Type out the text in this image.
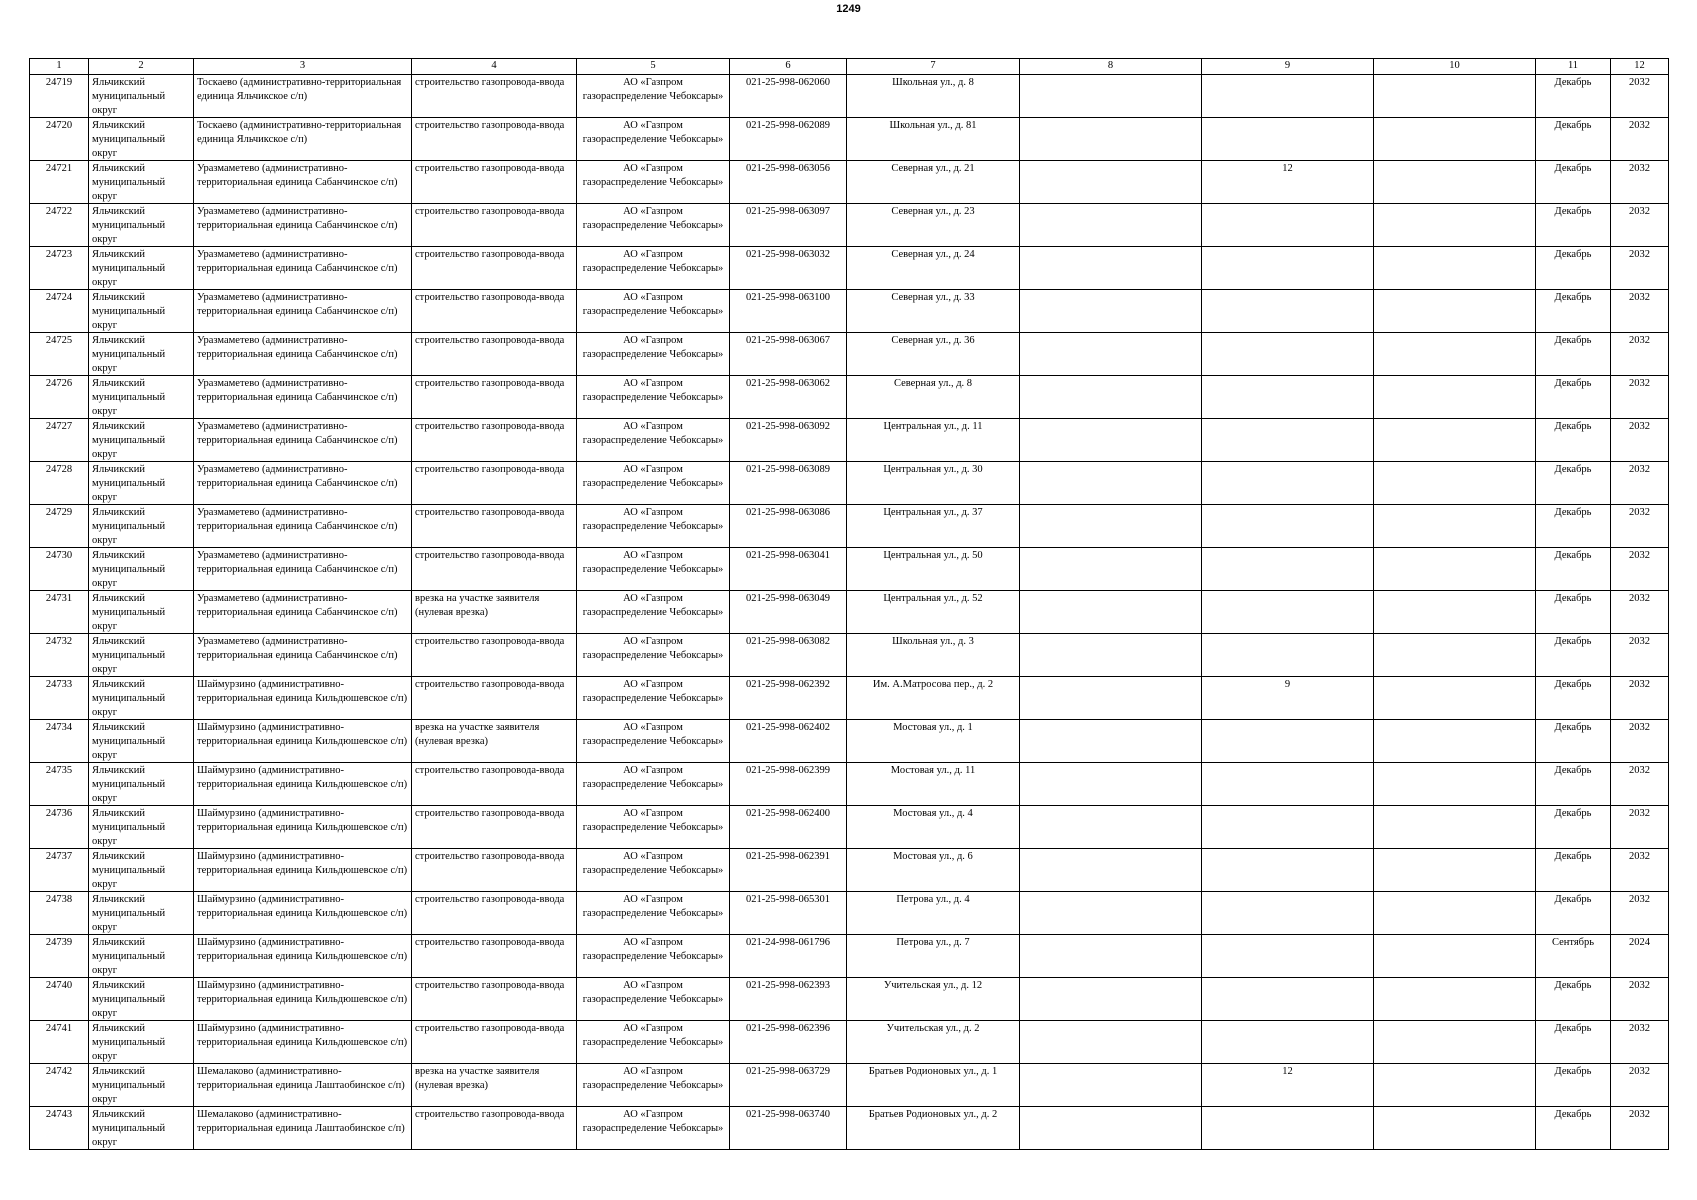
1249
1	2	3	4	5	6	7	8	9	10	11	12

24719	Яльчикский муниципальный округ	Тоскаево (административно-территориальная единица Яльчикское с/п)	строительство газопровода-ввода	АО «Газпром газораспределение Чебоксары»	021-25-998-062060	Школьная ул., д. 8				Декабрь	2032

24720	Яльчикский муниципальный округ	Тоскаево (административно-территориальная единица Яльчикское с/п)	строительство газопровода-ввода	АО «Газпром газораспределение Чебоксары»	021-25-998-062089	Школьная ул., д. 81				Декабрь	2032

24721	Яльчикский муниципальный округ	Уразмаметево (административно-территориальная единица Сабанчинское с/п)	строительство газопровода-ввода	АО «Газпром газораспределение Чебоксары»	021-25-998-063056	Северная ул., д. 21		12		Декабрь	2032

24722	Яльчикский муниципальный округ	Уразмаметево (административно-территориальная единица Сабанчинское с/п)	строительство газопровода-ввода	АО «Газпром газораспределение Чебоксары»	021-25-998-063097	Северная ул., д. 23				Декабрь	2032

24723	Яльчикский муниципальный округ	Уразмаметево (административно-территориальная единица Сабанчинское с/п)	строительство газопровода-ввода	АО «Газпром газораспределение Чебоксары»	021-25-998-063032	Северная ул., д. 24				Декабрь	2032

24724	Яльчикский муниципальный округ	Уразмаметево (административно-территориальная единица Сабанчинское с/п)	строительство газопровода-ввода	АО «Газпром газораспределение Чебоксары»	021-25-998-063100	Северная ул., д. 33				Декабрь	2032

24725	Яльчикский муниципальный округ	Уразмаметево (административно-территориальная единица Сабанчинское с/п)	строительство газопровода-ввода	АО «Газпром газораспределение Чебоксары»	021-25-998-063067	Северная ул., д. 36				Декабрь	2032

24726	Яльчикский муниципальный округ	Уразмаметево (административно-территориальная единица Сабанчинское с/п)	строительство газопровода-ввода	АО «Газпром газораспределение Чебоксары»	021-25-998-063062	Северная ул., д. 8				Декабрь	2032

24727	Яльчикский муниципальный округ	Уразмаметево (административно-территориальная единица Сабанчинское с/п)	строительство газопровода-ввода	АО «Газпром газораспределение Чебоксары»	021-25-998-063092	Центральная ул., д. 11				Декабрь	2032

24728	Яльчикский муниципальный округ	Уразмаметево (административно-территориальная единица Сабанчинское с/п)	строительство газопровода-ввода	АО «Газпром газораспределение Чебоксары»	021-25-998-063089	Центральная ул., д. 30				Декабрь	2032

24729	Яльчикский муниципальный округ	Уразмаметево (административно-территориальная единица Сабанчинское с/п)	строительство газопровода-ввода	АО «Газпром газораспределение Чебоксары»	021-25-998-063086	Центральная ул., д. 37				Декабрь	2032

24730	Яльчикский муниципальный округ	Уразмаметево (административно-территориальная единица Сабанчинское с/п)	строительство газопровода-ввода	АО «Газпром газораспределение Чебоксары»	021-25-998-063041	Центральная ул., д. 50				Декабрь	2032

24731	Яльчикский муниципальный округ	Уразмаметево (административно-территориальная единица Сабанчинское с/п)	врезка на участке заявителя (нулевая врезка)	АО «Газпром газораспределение Чебоксары»	021-25-998-063049	Центральная ул., д. 52				Декабрь	2032

24732	Яльчикский муниципальный округ	Уразмаметево (административно-территориальная единица Сабанчинское с/п)	строительство газопровода-ввода	АО «Газпром газораспределение Чебоксары»	021-25-998-063082	Школьная ул., д. 3				Декабрь	2032

24733	Яльчикский муниципальный округ	Шаймурзино (административно-территориальная единица Кильдюшевское с/п)	строительство газопровода-ввода	АО «Газпром газораспределение Чебоксары»	021-25-998-062392	Им. А.Матросова пер., д. 2		9		Декабрь	2032

24734	Яльчикский муниципальный округ	Шаймурзино (административно-территориальная единица Кильдюшевское с/п)	врезка на участке заявителя (нулевая врезка)	АО «Газпром газораспределение Чебоксары»	021-25-998-062402	Мостовая ул., д. 1				Декабрь	2032

24735	Яльчикский муниципальный округ	Шаймурзино (административно-территориальная единица Кильдюшевское с/п)	строительство газопровода-ввода	АО «Газпром газораспределение Чебоксары»	021-25-998-062399	Мостовая ул., д. 11				Декабрь	2032

24736	Яльчикский муниципальный округ	Шаймурзино (административно-территориальная единица Кильдюшевское с/п)	строительство газопровода-ввода	АО «Газпром газораспределение Чебоксары»	021-25-998-062400	Мостовая ул., д. 4				Декабрь	2032

24737	Яльчикский муниципальный округ	Шаймурзино (административно-территориальная единица Кильдюшевское с/п)	строительство газопровода-ввода	АО «Газпром газораспределение Чебоксары»	021-25-998-062391	Мостовая ул., д. 6				Декабрь	2032

24738	Яльчикский муниципальный округ	Шаймурзино (административно-территориальная единица Кильдюшевское с/п)	строительство газопровода-ввода	АО «Газпром газораспределение Чебоксары»	021-25-998-065301	Петрова ул., д. 4				Декабрь	2032

24739	Яльчикский муниципальный округ	Шаймурзино (административно-территориальная единица Кильдюшевское с/п)	строительство газопровода-ввода	АО «Газпром газораспределение Чебоксары»	021-24-998-061796	Петрова ул., д. 7				Сентябрь	2024

24740	Яльчикский муниципальный округ	Шаймурзино (административно-территориальная единица Кильдюшевское с/п)	строительство газопровода-ввода	АО «Газпром газораспределение Чебоксары»	021-25-998-062393	Учительская ул., д. 12				Декабрь	2032

24741	Яльчикский муниципальный округ	Шаймурзино (административно-территориальная единица Кильдюшевское с/п)	строительство газопровода-ввода	АО «Газпром газораспределение Чебоксары»	021-25-998-062396	Учительская ул., д. 2				Декабрь	2032

24742	Яльчикский муниципальный округ	Шемалаково (административно-территориальная единица Лаштаобинское с/п)	врезка на участке заявителя (нулевая врезка)	АО «Газпром газораспределение Чебоксары»	021-25-998-063729	Братьев Родионовых ул., д. 1		12		Декабрь	2032

24743	Яльчикский муниципальный округ	Шемалаково (административно-территориальная единица Лаштаобинское с/п)	строительство газопровода-ввода	АО «Газпром газораспределение Чебоксары»	021-25-998-063740	Братьев Родионовых ул., д. 2				Декабрь	2032
